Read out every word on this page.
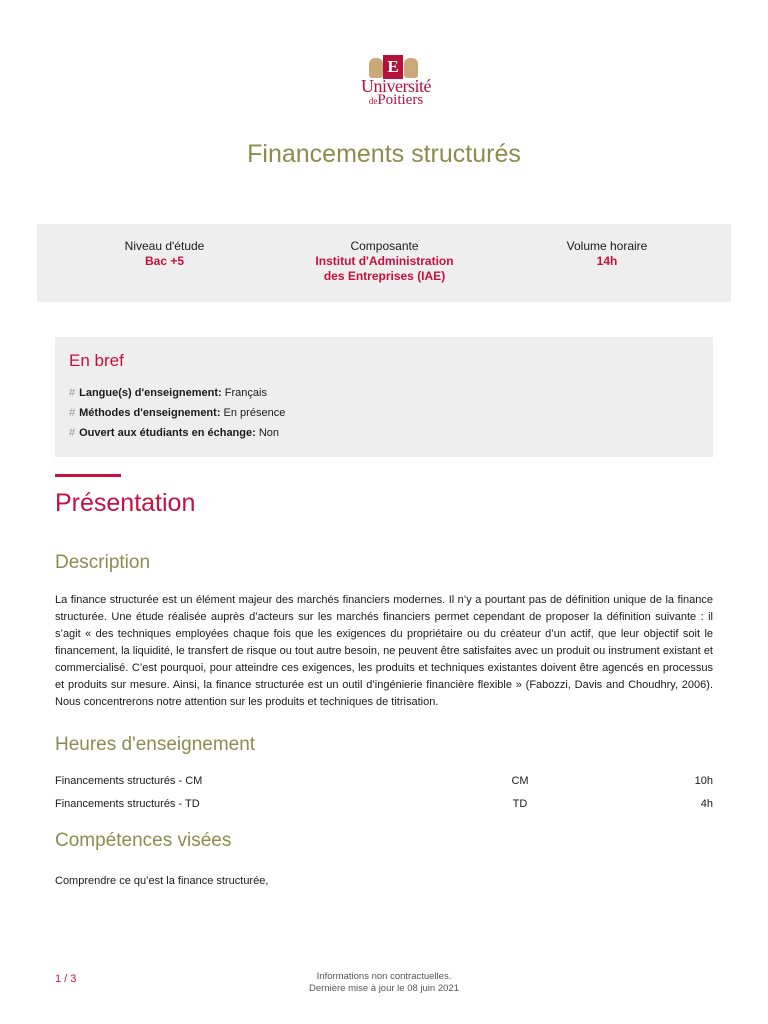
E
Université
dePoitiers
Financements structurés
Niveau d'étude
Bac +5
Composante
Institut d'Administration
des Entreprises (IAE)
Volume horaire
14h
En bref
# Langue(s) d'enseignement: Français
# Méthodes d'enseignement: En présence
# Ouvert aux étudiants en échange: Non
Présentation
Description

La finance structurée est un élément majeur des marchés financiers modernes. Il n’y a pourtant pas de définition unique de la finance structurée. Une étude réalisée auprès d’acteurs sur les marchés financiers permet cependant de proposer la définition suivante : il s’agit « des techniques employées chaque fois que les exigences du propriétaire ou du créateur d’un actif, que leur objectif soit le financement, la liquidité, le transfert de risque ou tout autre besoin, ne peuvent être satisfaites avec un produit ou instrument existant et commercialisé. C’est pourquoi, pour atteindre ces exigences, les produits et techniques existantes doivent être agencés en processus et produits sur mesure. Ainsi, la finance structurée est un outil d’ingénierie financière flexible » (Fabozzi, Davis and Choudhry, 2006). Nous concentrerons notre attention sur les produits et techniques de titrisation.

Heures d'enseignement
Financements structurés - CM	CM	10h
Financements structurés - TD	TD	4h
Compétences visées

Comprendre ce qu’est la finance structurée,

1 / 3	Informations non contractuelles.
Dernière mise à jour le 08 juin 2021
